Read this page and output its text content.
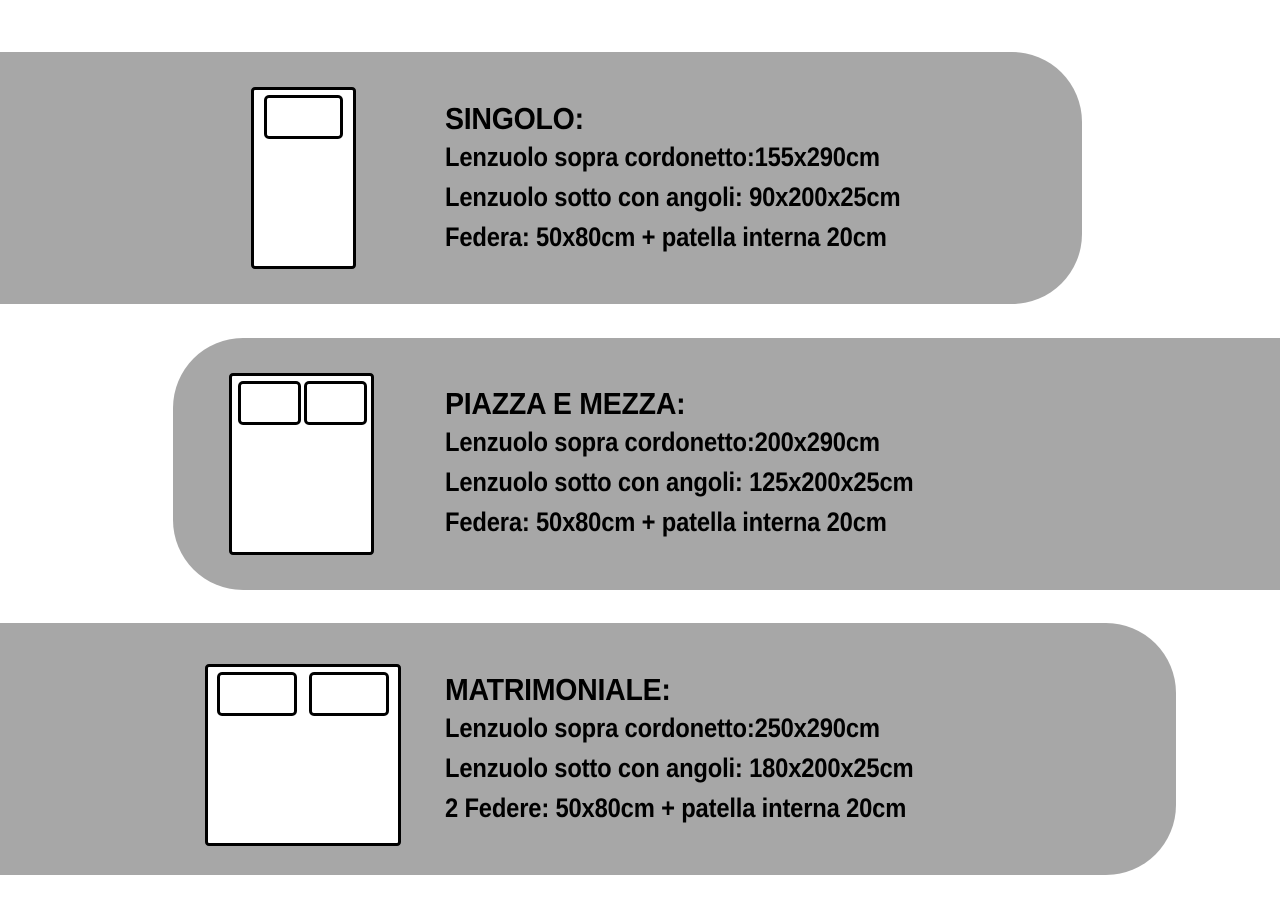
SINGOLO:
Lenzuolo sopra cordonetto:155x290cm
Lenzuolo sotto con angoli: 90x200x25cm
Federa: 50x80cm + patella interna 20cm
PIAZZA E MEZZA:
Lenzuolo sopra cordonetto:200x290cm
Lenzuolo sotto con angoli: 125x200x25cm
Federa: 50x80cm + patella interna 20cm
MATRIMONIALE:
Lenzuolo sopra cordonetto:250x290cm
Lenzuolo sotto con angoli: 180x200x25cm
2 Federe: 50x80cm + patella interna 20cm
